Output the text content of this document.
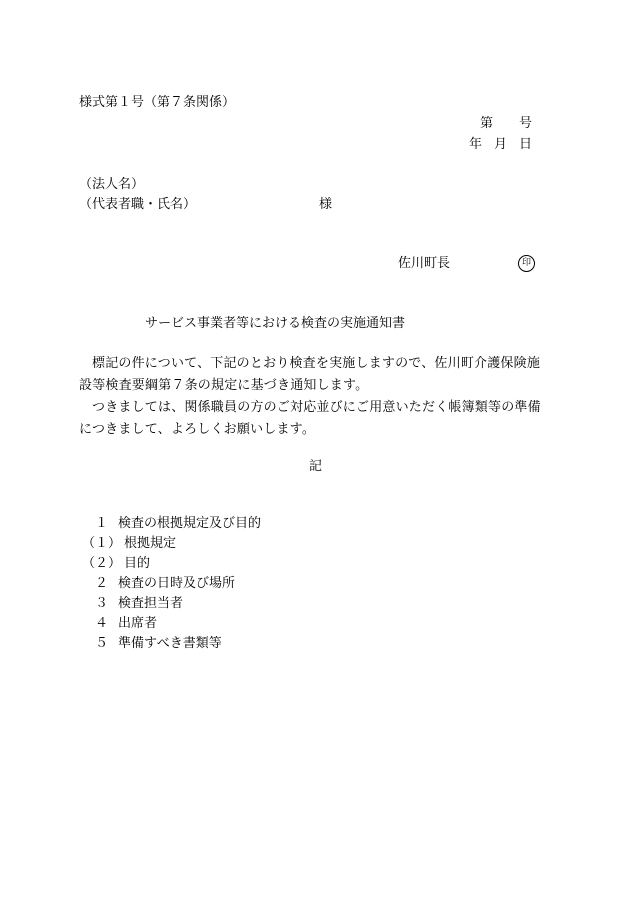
様式第１号（第７条関係）
第 号
年 月 日
（法人名）
（代表者職・氏名）	様
佐川町長	印
サービス事業者等における検査の実施通知書

標記の件について、下記のとおり検査を実施しますので、佐川町介護保険施設等検査要綱第７条の規定に基づき通知します。

つきましては、関係職員の方のご対応並びにご用意いただく帳簿類等の準備につきまして、よろしくお願いします。

記
１ 検査の根拠規定及び目的
（１） 根拠規定
（２） 目的
２ 検査の日時及び場所
３ 検査担当者
４ 出席者
５ 準備すべき書類等
